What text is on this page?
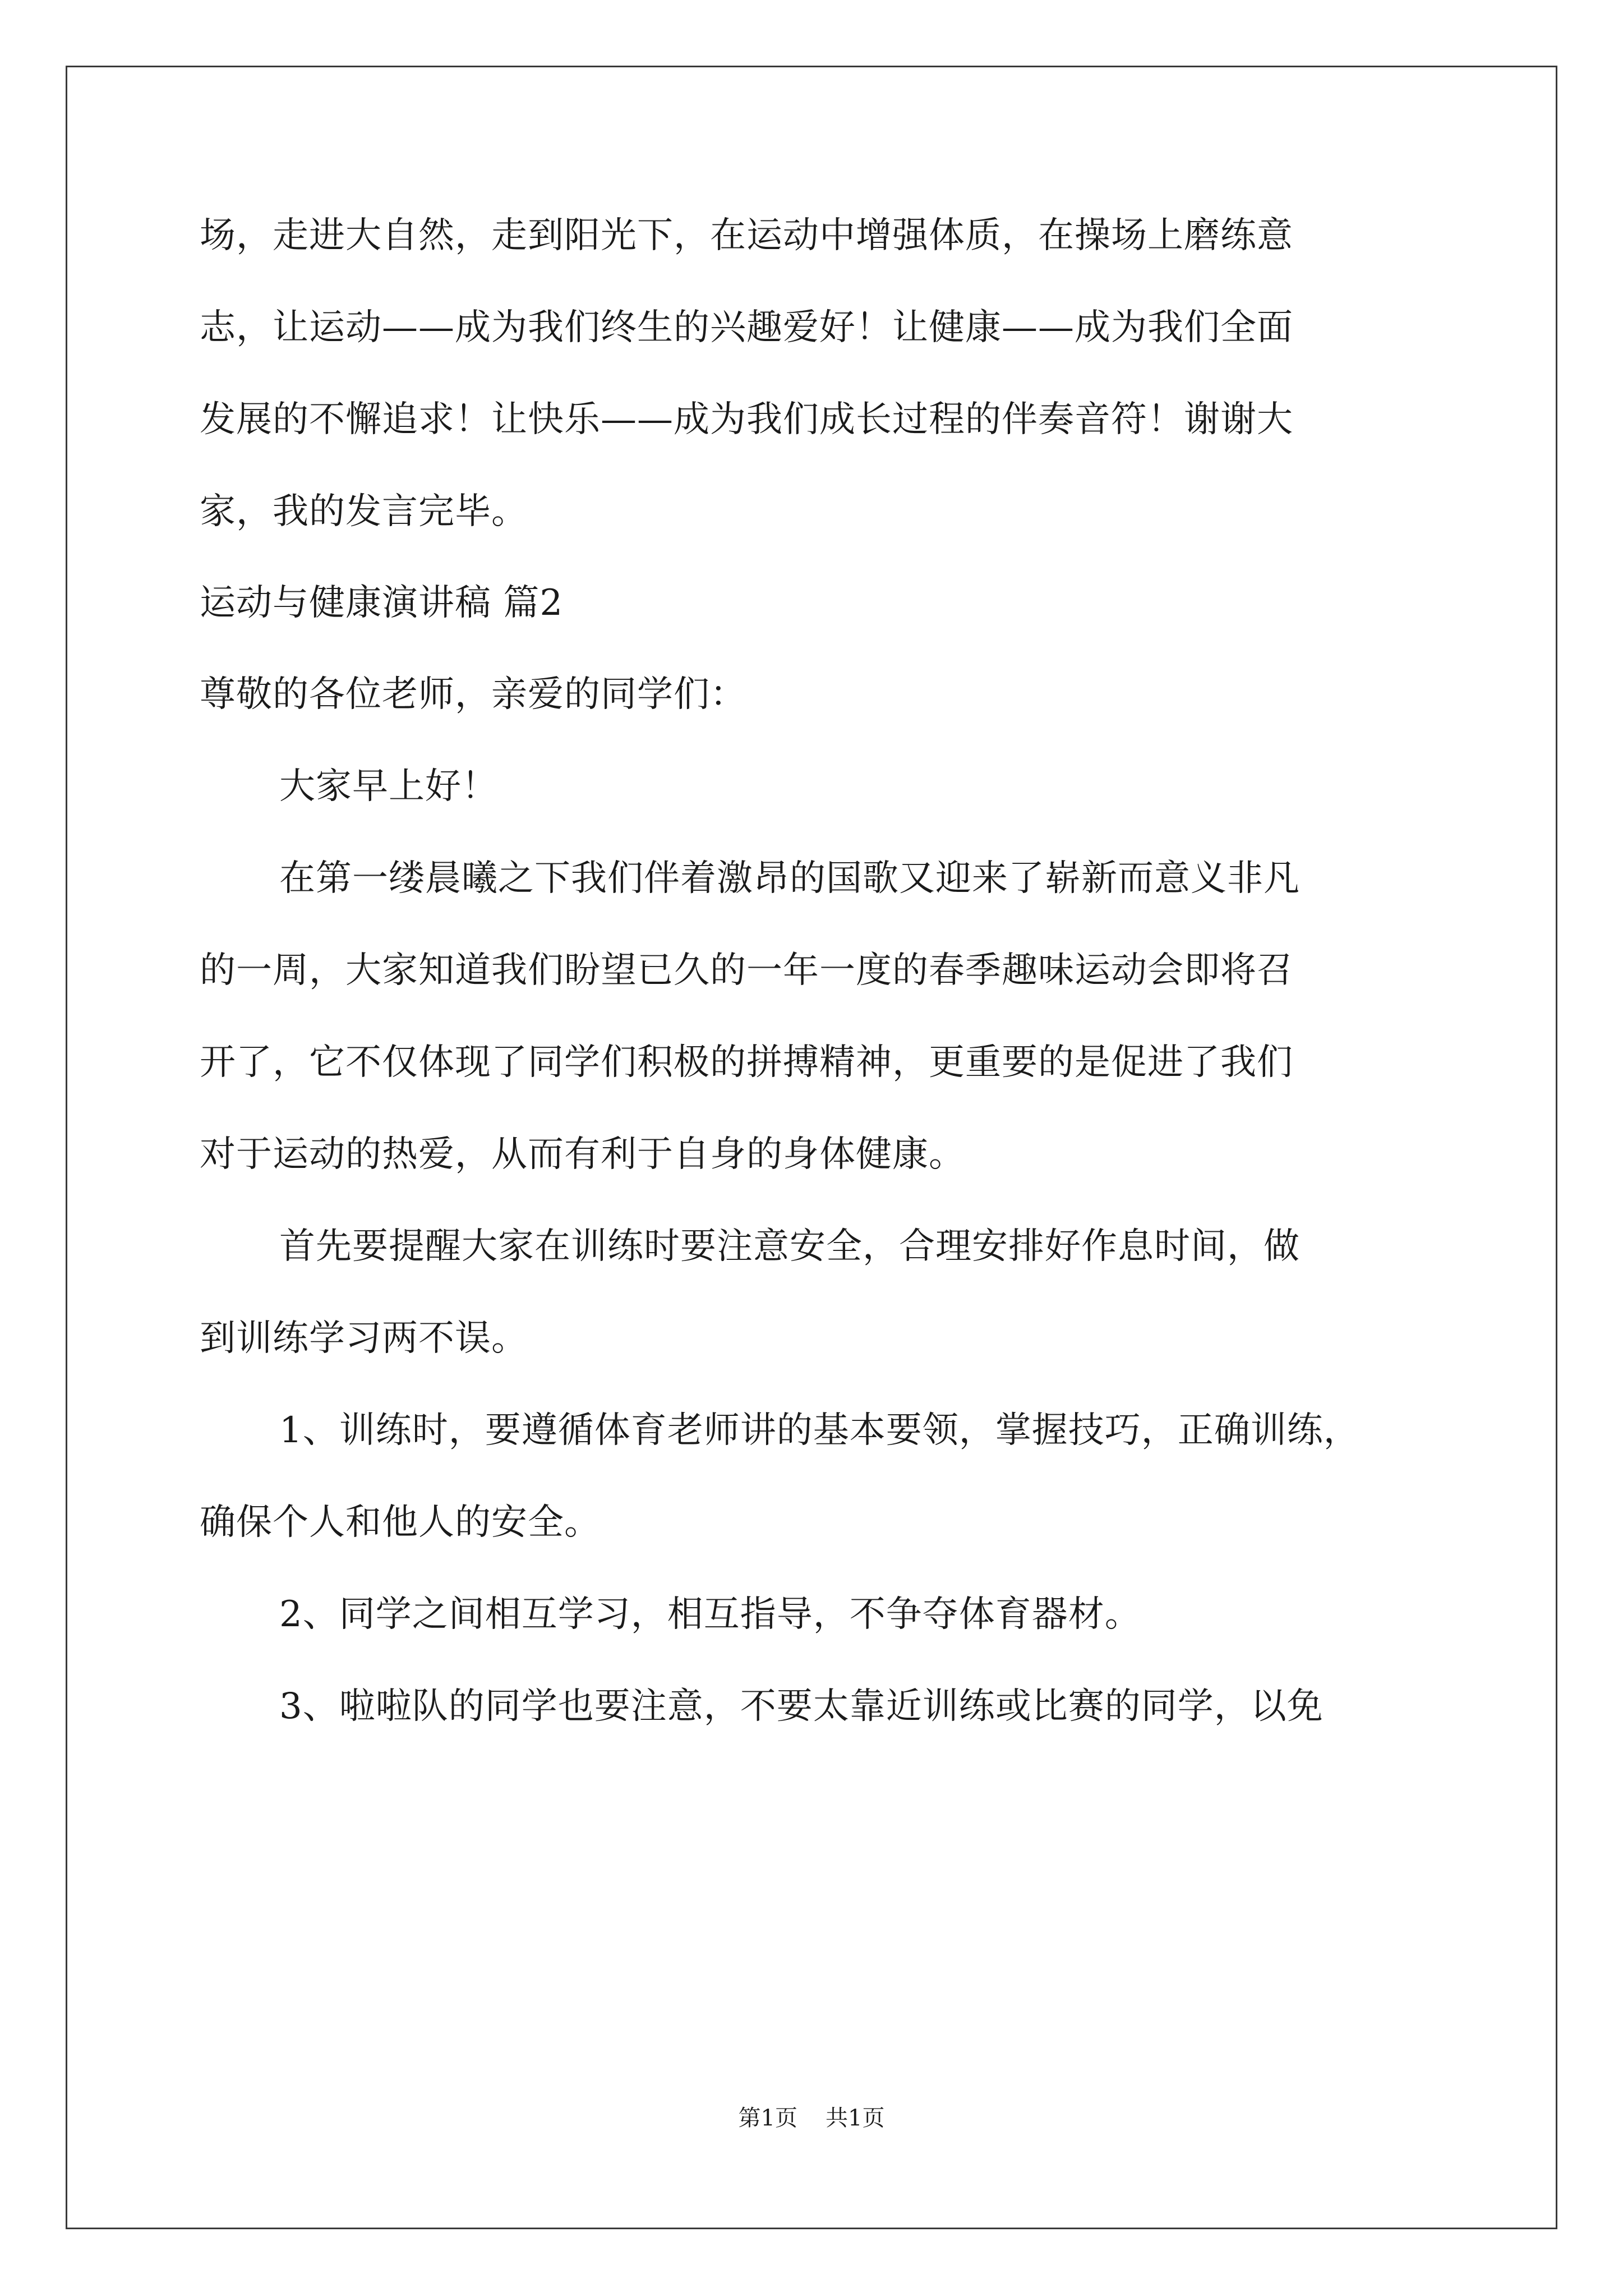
场，走进大自然，走到阳光下，在运动中增强体质，在操场上磨练意
志，让运动——成为我们终生的兴趣爱好！让健康——成为我们全面
发展的不懈追求！让快乐——成为我们成长过程的伴奏音符！谢谢大
家，我的发言完毕。
运动与健康演讲稿 篇2
尊敬的各位老师，亲爱的同学们：
大家早上好！
在第一缕晨曦之下我们伴着激昂的国歌又迎来了崭新而意义非凡
的一周，大家知道我们盼望已久的一年一度的春季趣味运动会即将召
开了，它不仅体现了同学们积极的拼搏精神，更重要的是促进了我们
对于运动的热爱，从而有利于自身的身体健康。
首先要提醒大家在训练时要注意安全，合理安排好作息时间，做
到训练学习两不误。
1、训练时，要遵循体育老师讲的基本要领，掌握技巧，正确训练，
确保个人和他人的安全。
2、同学之间相互学习，相互指导，不争夺体育器材。
3、啦啦队的同学也要注意，不要太靠近训练或比赛的同学，以免
第1页 共1页
